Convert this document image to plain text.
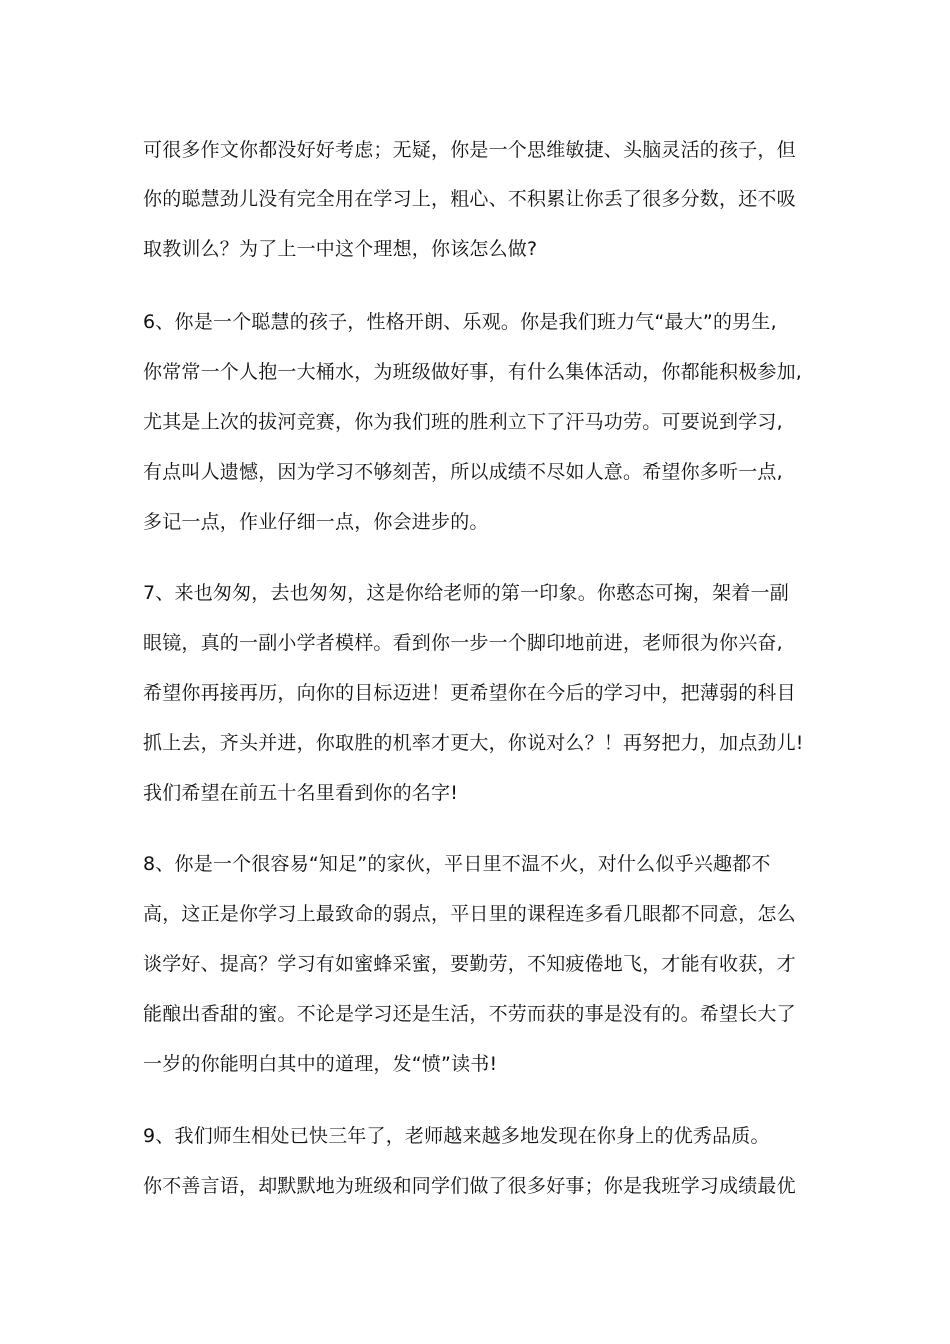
可很多作文你都没好好考虑；无疑，你是一个思维敏捷、头脑灵活的孩子，但
你的聪慧劲儿没有完全用在学习上，粗心、不积累让你丢了很多分数，还不吸
取教训么？为了上一中这个理想，你该怎么做?
6、你是一个聪慧的孩子，性格开朗、乐观。你是我们班力气“最大”的男生,
你常常一个人抱一大桶水，为班级做好事，有什么集体活动，你都能积极参加,
尤其是上次的拔河竞赛，你为我们班的胜利立下了汗马功劳。可要说到学习,
有点叫人遗憾，因为学习不够刻苦，所以成绩不尽如人意。希望你多听一点,
多记一点，作业仔细一点，你会进步的。
7、来也匆匆，去也匆匆，这是你给老师的第一印象。你憨态可掬，架着一副
眼镜，真的一副小学者模样。看到你一步一个脚印地前进，老师很为你兴奋,
希望你再接再历，向你的目标迈进！更希望你在今后的学习中，把薄弱的科目
抓上去，齐头并进，你取胜的机率才更大，你说对么？！再努把力，加点劲儿!
我们希望在前五十名里看到你的名字!
8、你是一个很容易“知足”的家伙，平日里不温不火，对什么似乎兴趣都不
高，这正是你学习上最致命的弱点，平日里的课程连多看几眼都不同意，怎么
谈学好、提高？学习有如蜜蜂采蜜，要勤劳，不知疲倦地飞，才能有收获，才
能酿出香甜的蜜。不论是学习还是生活，不劳而获的事是没有的。希望长大了
一岁的你能明白其中的道理，发“愤”读书!
9、我们师生相处已快三年了，老师越来越多地发现在你身上的优秀品质。
你不善言语，却默默地为班级和同学们做了很多好事；你是我班学习成绩最优
